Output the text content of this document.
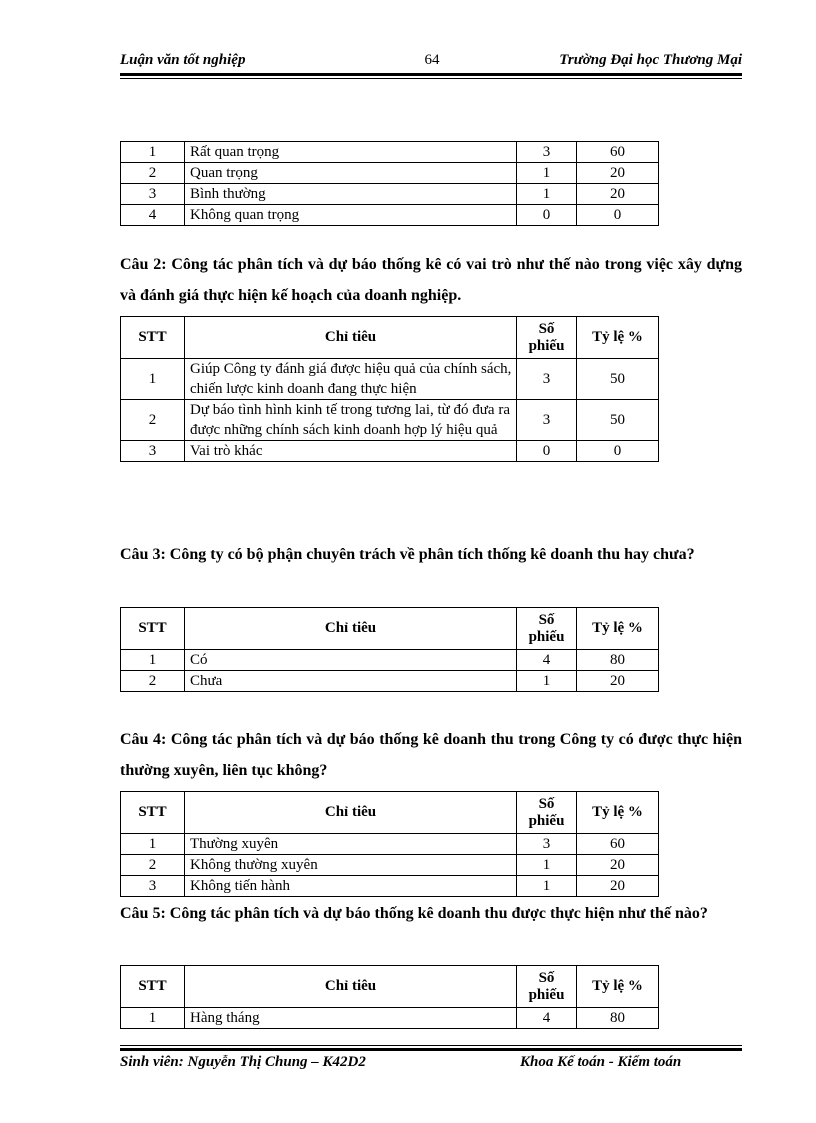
Luận văn tốt nghiệp	64	Trường Đại học Thương Mại
1	Rất quan trọng	3	60
2	Quan trọng	1	20
3	Bình thường	1	20
4	Không quan trọng	0	0
Câu 2: Công tác phân tích và dự báo thống kê có vai trò như thế nào trong việc xây dựng và đánh giá thực hiện kế hoạch của doanh nghiệp.
STT	Chỉ tiêu	Số phiếu	Tỷ lệ %
1	Giúp Công ty đánh giá được hiệu quả của chính sách, chiến lược kinh doanh đang thực hiện	3	50
2	Dự báo tình hình kinh tế trong tương lai, từ đó đưa ra được những chính sách kinh doanh hợp lý hiệu quả	3	50
3	Vai trò khác	0	0
Câu 3: Công ty có bộ phận chuyên trách về phân tích thống kê doanh thu hay chưa?
STT	Chỉ tiêu	Số phiếu	Tỷ lệ %
1	Có	4	80
2	Chưa	1	20
Câu 4: Công tác phân tích và dự báo thống kê doanh thu trong Công ty có được thực hiện thường xuyên, liên tục không?
STT	Chỉ tiêu	Số phiếu	Tỷ lệ %
1	Thường xuyên	3	60
2	Không thường xuyên	1	20
3	Không tiến hành	1	20
Câu 5: Công tác phân tích và dự báo thống kê doanh thu được thực hiện như thế nào?
STT	Chỉ tiêu	Số phiếu	Tỷ lệ %
1	Hàng tháng	4	80
Sinh viên: Nguyễn Thị Chung – K42D2	Khoa Kế toán - Kiểm toán
